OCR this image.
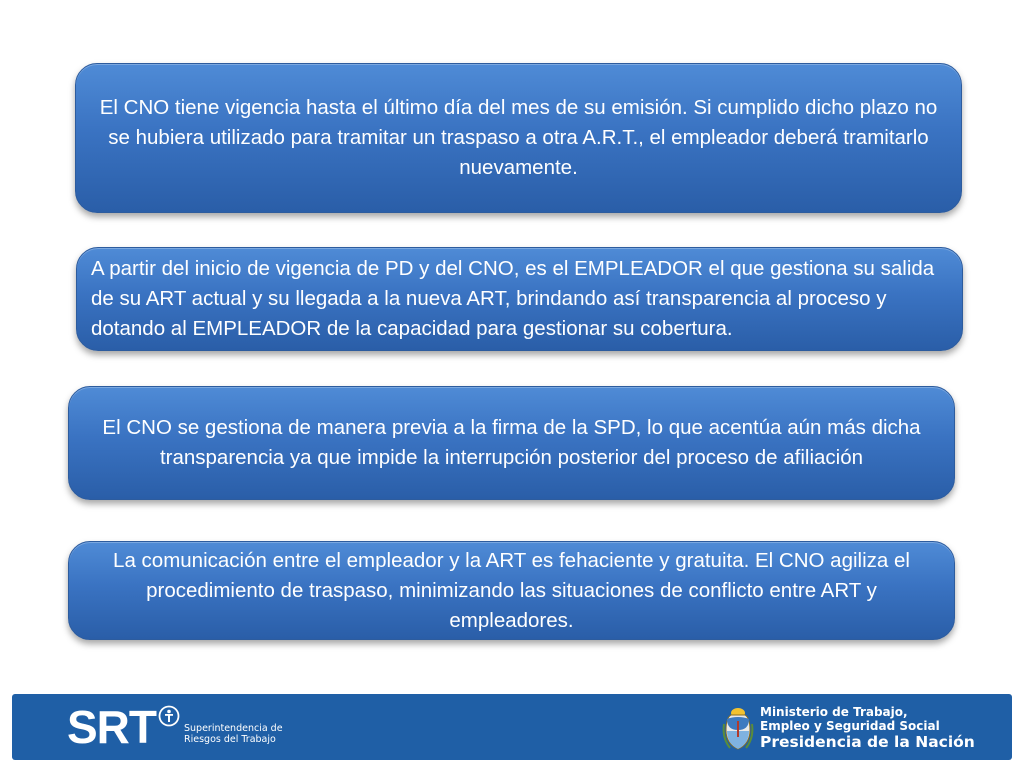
El CNO tiene vigencia hasta el último día del mes de su emisión. Si cumplido dicho plazo no se hubiera utilizado para tramitar un traspaso a otra A.R.T., el empleador deberá tramitarlo nuevamente.

A partir del inicio de vigencia de PD y del CNO, es el EMPLEADOR el que gestiona su salida de su ART actual y su llegada a la nueva ART, brindando así transparencia al proceso y dotando al EMPLEADOR de la capacidad para gestionar su cobertura.

El CNO se gestiona de manera previa a la firma de la SPD, lo que acentúa aún más dicha transparencia ya que impide la interrupción posterior del proceso de afiliación

La comunicación entre el empleador y la ART es fehaciente y gratuita. El CNO agiliza el procedimiento de traspaso, minimizando las situaciones de conflicto entre ART y empleadores.

SRT	Superintendencia de
Riesgos del Trabajo
Ministerio de Trabajo,
Empleo y Seguridad Social
Presidencia de la Nación
